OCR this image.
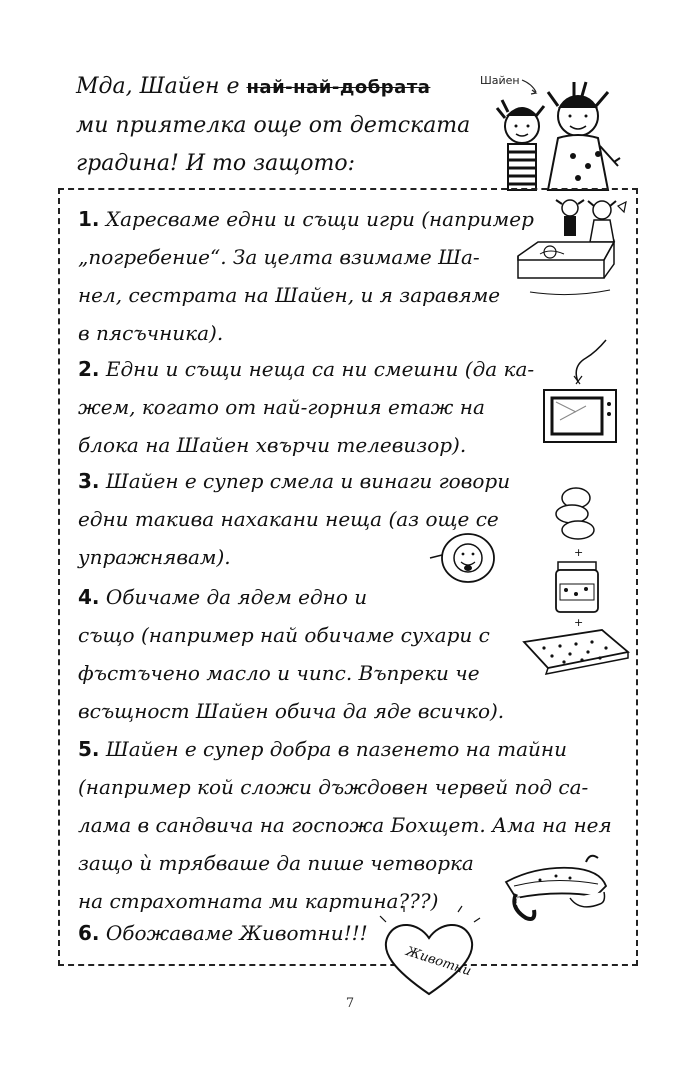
Мда, Шайен е най-най-добрата
ми приятелка още от детската
градина! И то защото:
Шайен
1. Харесваме едни и същи игри (например
„погребение“. За целта взимаме Ша-
нел, сестрата на Шайен, и я заравяме
в пясъчника).
2. Едни и същи неща са ни смешни (да ка-
жем, когато от най-горния етаж на
блока на Шайен хвърчи телевизор).
3. Шайен е супер смела и винаги говори
едни такива нахакани неща (аз още се
упражнявам).	+
+
4. Обичаме да ядем едно и
също (например най обичаме сухари с
фъстъчено масло и чипс. Въпреки че
всъщност Шайен обича да яде всичко).
5. Шайен е супер добра в пазенето на тайни
(например кой сложи дъждовен червей под са-
лама в сандвича на госпожа Бохщет. Ама на нея
защо ѝ трябваше да пише четворка
на страхотната ми картина???)
6. Обожаваме Животни!!!
Животни
7
